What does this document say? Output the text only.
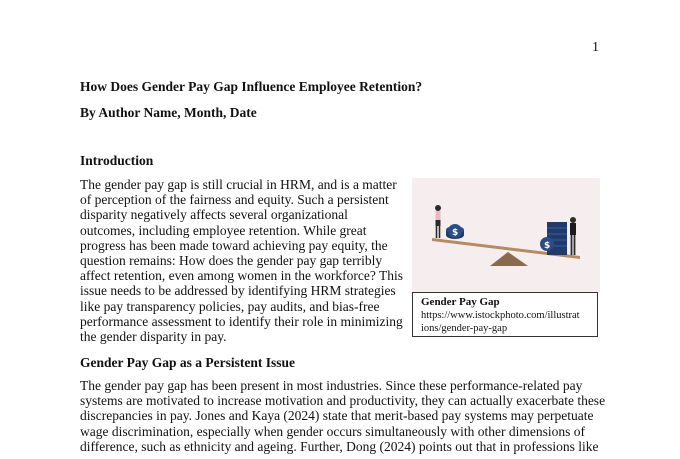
1
How Does Gender Pay Gap Influence Employee Retention?
By Author Name, Month, Date
Introduction

The gender pay gap is still crucial in HRM, and is a matter
of perception of the fairness and equity. Such a persistent
disparity negatively affects several organizational
outcomes, including employee retention. While great
progress has been made toward achieving pay equity, the
question remains: How does the gender pay gap terribly
affect retention, even among women in the workforce? This
issue needs to be addressed by identifying HRM strategies
like pay transparency policies, pay audits, and bias-free
performance assessment to identify their role in minimizing
the gender disparity in pay.

$
$
Gender Pay Gap
https://www.istockphoto.com/illustrat
ions/gender-pay-gap
Gender Pay Gap as a Persistent Issue

The gender pay gap has been present in most industries. Since these performance-related pay
systems are motivated to increase motivation and productivity, they can actually exacerbate these
discrepancies in pay. Jones and Kaya (2024) state that merit-based pay systems may perpetuate
wage discrimination, especially when gender occurs simultaneously with other dimensions of
difference, such as ethnicity and ageing. Further, Dong (2024) points out that in professions like
